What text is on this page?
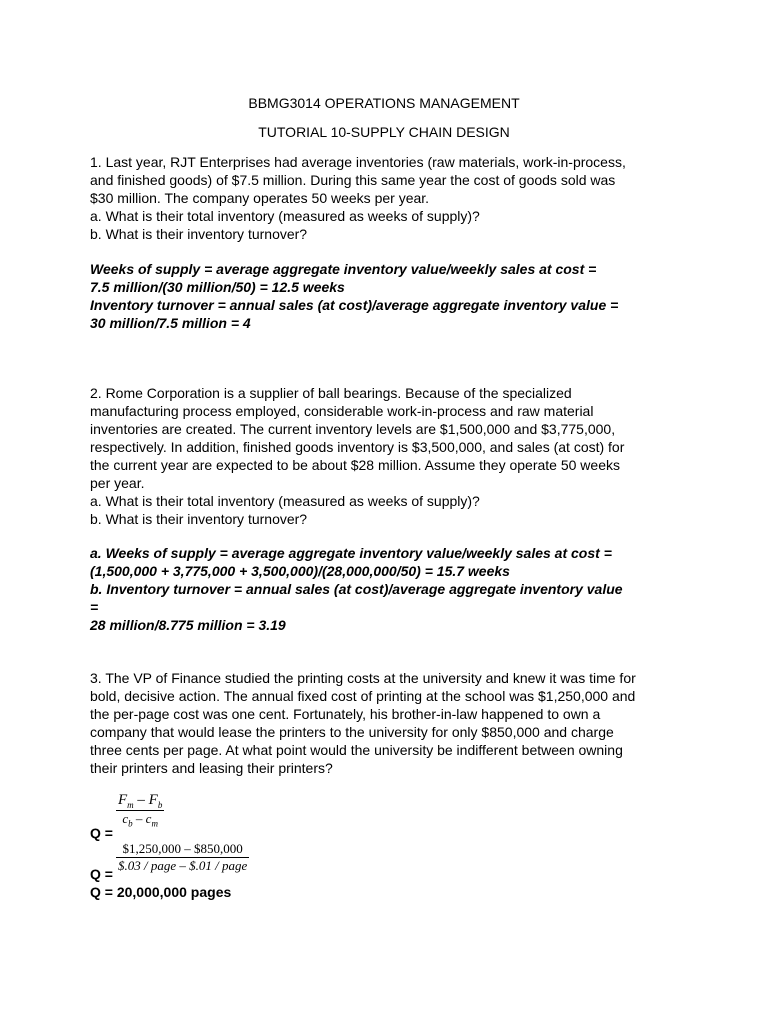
BBMG3014 OPERATIONS MANAGEMENT
TUTORIAL 10-SUPPLY CHAIN DESIGN
1. Last year, RJT Enterprises had average inventories (raw materials, work-in-process,
and finished goods) of $7.5 million. During this same year the cost of goods sold was
$30 million. The company operates 50 weeks per year.
a. What is their total inventory (measured as weeks of supply)?
b. What is their inventory turnover?
Weeks of supply = average aggregate inventory value/weekly sales at cost =
7.5 million/(30 million/50) = 12.5 weeks
Inventory turnover = annual sales (at cost)/average aggregate inventory value =
30 million/7.5 million = 4
2. Rome Corporation is a supplier of ball bearings. Because of the specialized
manufacturing process employed, considerable work-in-process and raw material
inventories are created. The current inventory levels are $1,500,000 and $3,775,000,
respectively. In addition, finished goods inventory is $3,500,000, and sales (at cost) for
the current year are expected to be about $28 million. Assume they operate 50 weeks
per year.
a. What is their total inventory (measured as weeks of supply)?
b. What is their inventory turnover?
a. Weeks of supply = average aggregate inventory value/weekly sales at cost =
(1,500,000 + 3,775,000 + 3,500,000)/(28,000,000/50) = 15.7 weeks
b. Inventory turnover = annual sales (at cost)/average aggregate inventory value
=
28 million/8.775 million = 3.19
3. The VP of Finance studied the printing costs at the university and knew it was time for
bold, decisive action. The annual fixed cost of printing at the school was $1,250,000 and
the per-page cost was one cent. Fortunately, his brother-in-law happened to own a
company that would lease the printers to the university for only $850,000 and charge
three cents per page. At what point would the university be indifferent between owning
their printers and leasing their printers?
$\frac{F_m - F_b}{c_b - c_m}$
Q =
$\frac{\$1,250,000 - \$850,000}{\text{\$.03 / page – \$.01 / page}}$
Q =
Q = 20,000,000 pages
